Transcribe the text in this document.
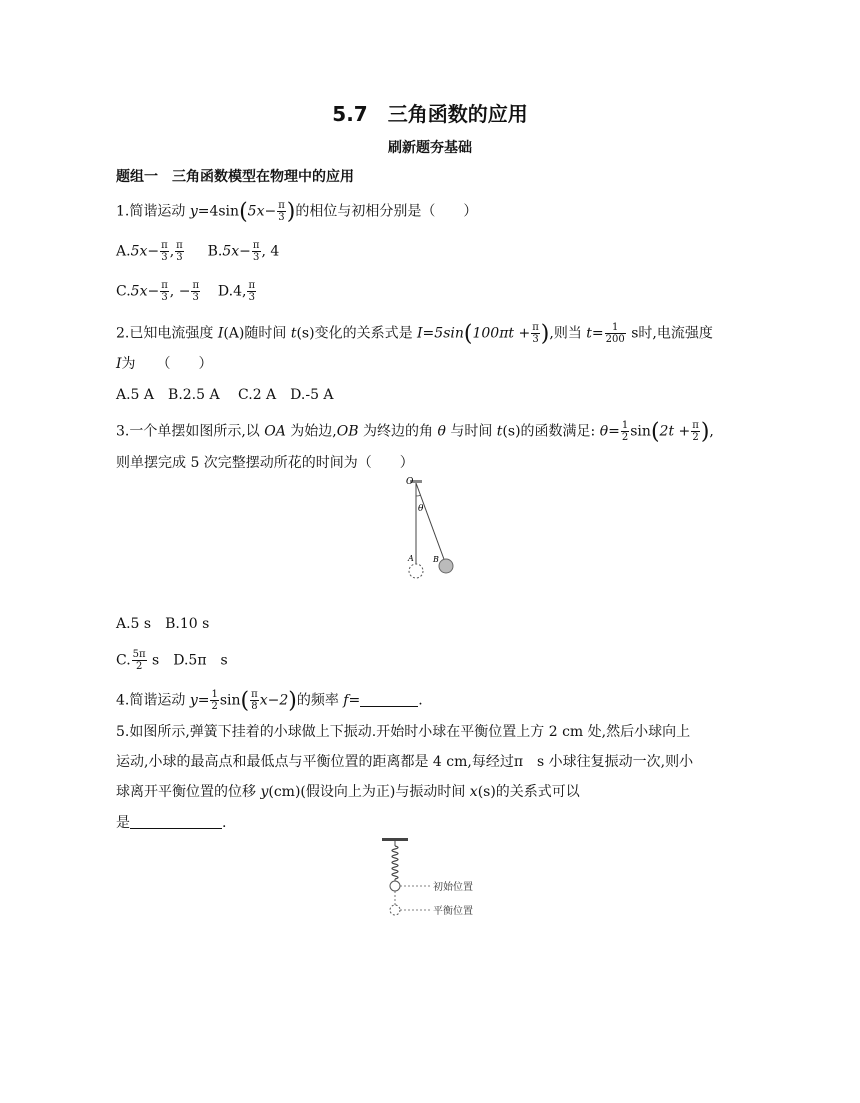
5.7　三角函数的应用
刷新题夯基础
题组一　三角函数模型在物理中的应用
1.简谐运动 $y=4\sin(5x- \frac{\pi}{3}$ )的相位与初相分别是（　　）
$A.5x- \frac{\pi}{3}$ , $\frac{\pi}{3} B.5x- \frac{\pi}{3}$ , 4
$C.5x- \frac{\pi}{3}$ , − $\frac{\pi}{3} D.4$, $\frac{\pi}{3}$
2.已知电流强度 I(A)随时间 t(s)变化的关系式是 $I=5\sin(100\pi t + \frac{\pi}{3}$ ),则当 $t= \frac{1}{200}$ s时,电流强度
I为　　（　　）
A.5 A　B.2.5 A　 C.2 A　D.-5 A
3.一个单摆如图所示,以 OA 为始边,OB 为终边的角 θ 与时间 t(s)的函数满足: $\theta= \frac{1}{2} \sin(2t + \frac{\pi}{2}$ ),
则单摆完成 5 次完整摆动所花的时间为（　　）
O
θ
A B
A.5 s　B.10 s
C. $\frac{5\pi}{2}$ s　D.5π　s
4.简谐运动 $y= \frac{1}{2} \sin( \frac{\pi}{8} x-2)$的频率 f=	.
5.如图所示,弹簧下挂着的小球做上下振动.开始时小球在平衡位置上方 2 cm 处,然后小球向上
运动,小球的最高点和最低点与平衡位置的距离都是 4 cm,每经过π　s 小球往复振动一次,则小
球离开平衡位置的位移 y(cm)(假设向上为正)与振动时间 x(s)的关系式可以
是	.
初始位置
平衡位置
